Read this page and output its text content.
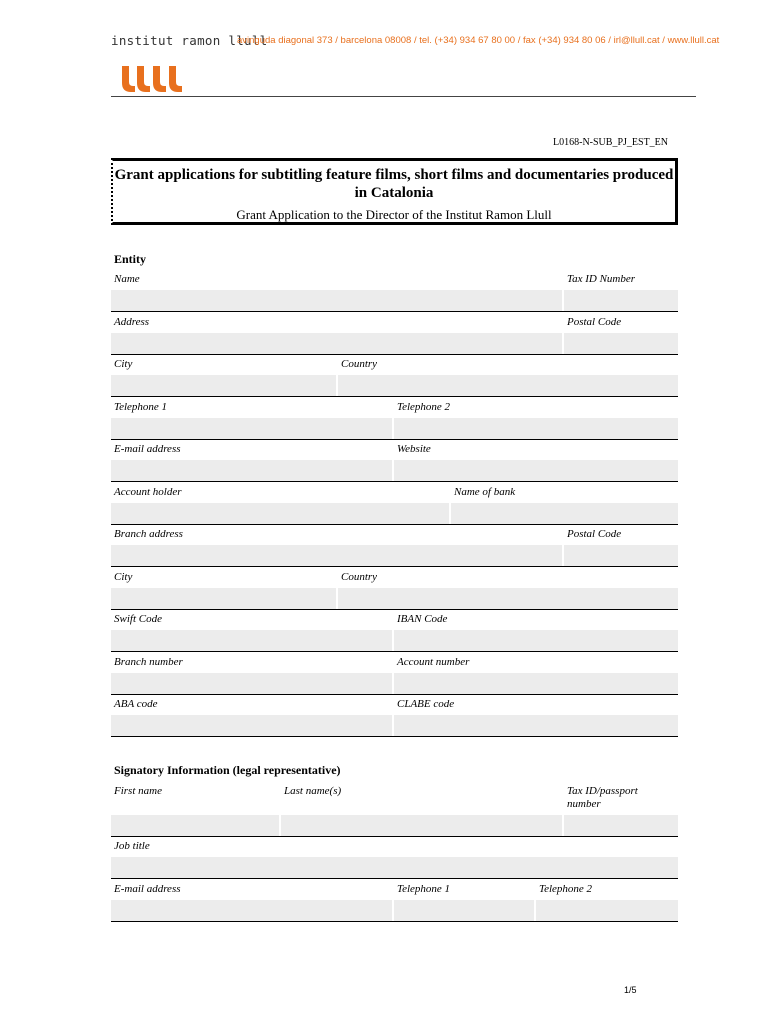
institut ramon llull
avinguda diagonal 373 / barcelona 08008 / tel. (+34) 934 67 80 00 / fax (+34) 934 80 06 / irl@llull.cat / www.llull.cat
L0168-N-SUB_PJ_EST_EN
Grant applications for subtitling feature films, short films and documentaries produced in Catalonia
Grant Application to the Director of the Institut Ramon Llull
Entity
Name	Tax ID Number
Address	Postal Code
City	Country
Telephone 1	Telephone 2
E-mail address	Website
Account holder	Name of bank
Branch address	Postal Code
City	Country
Swift Code	IBAN Code
Branch number	Account number
ABA code	CLABE code
Signatory Information (legal representative)
First name	Last name(s)	Tax ID/passport number
Job title
E-mail address	Telephone 1	Telephone 2
1/5
